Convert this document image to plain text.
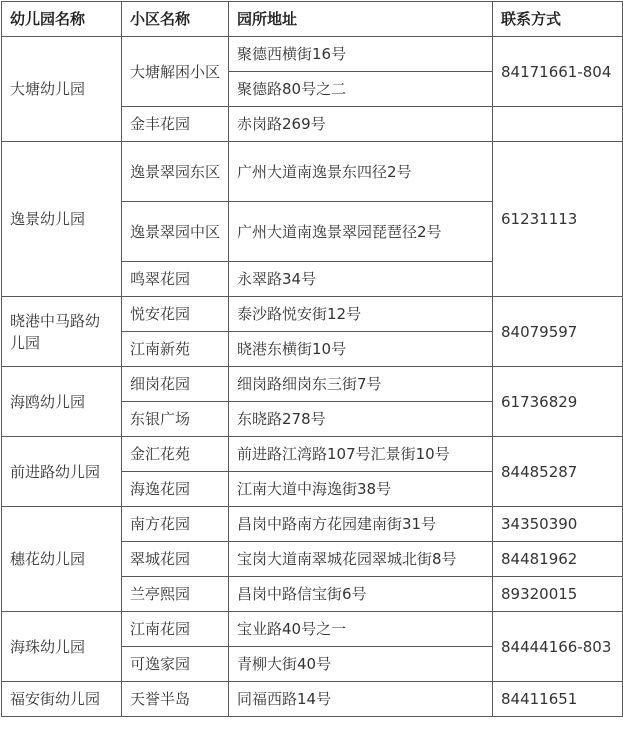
幼儿园名称	小区名称	园所地址	联系方式
大塘幼儿园	大塘解困小区	聚德西横街16号	84171661-804
		聚德路80号之二	
	金丰花园	赤岗路269号	
逸景幼儿园	逸景翠园东区	广州大道南逸景东四径2号	61231113
	逸景翠园中区	广州大道南逸景翠园琵琶径2号	
	鸣翠花园	永翠路34号	
晓港中马路幼儿园	悦安花园	泰沙路悦安街12号	84079597
	江南新苑	晓港东横街10号	
海鸥幼儿园	细岗花园	细岗路细岗东三街7号	61736829
	东银广场	东晓路278号	
前进路幼儿园	金汇花苑	前进路江湾路107号汇景街10号	84485287
	海逸花园	江南大道中海逸街38号	
穗花幼儿园	南方花园	昌岗中路南方花园建南街31号	34350390
	翠城花园	宝岗大道南翠城花园翠城北街8号	84481962
	兰亭熙园	昌岗中路信宝街6号	89320015
海珠幼儿园	江南花园	宝业路40号之一	84444166-803
	可逸家园	青柳大街40号	
福安街幼儿园	天誉半岛	同福西路14号	84411651
